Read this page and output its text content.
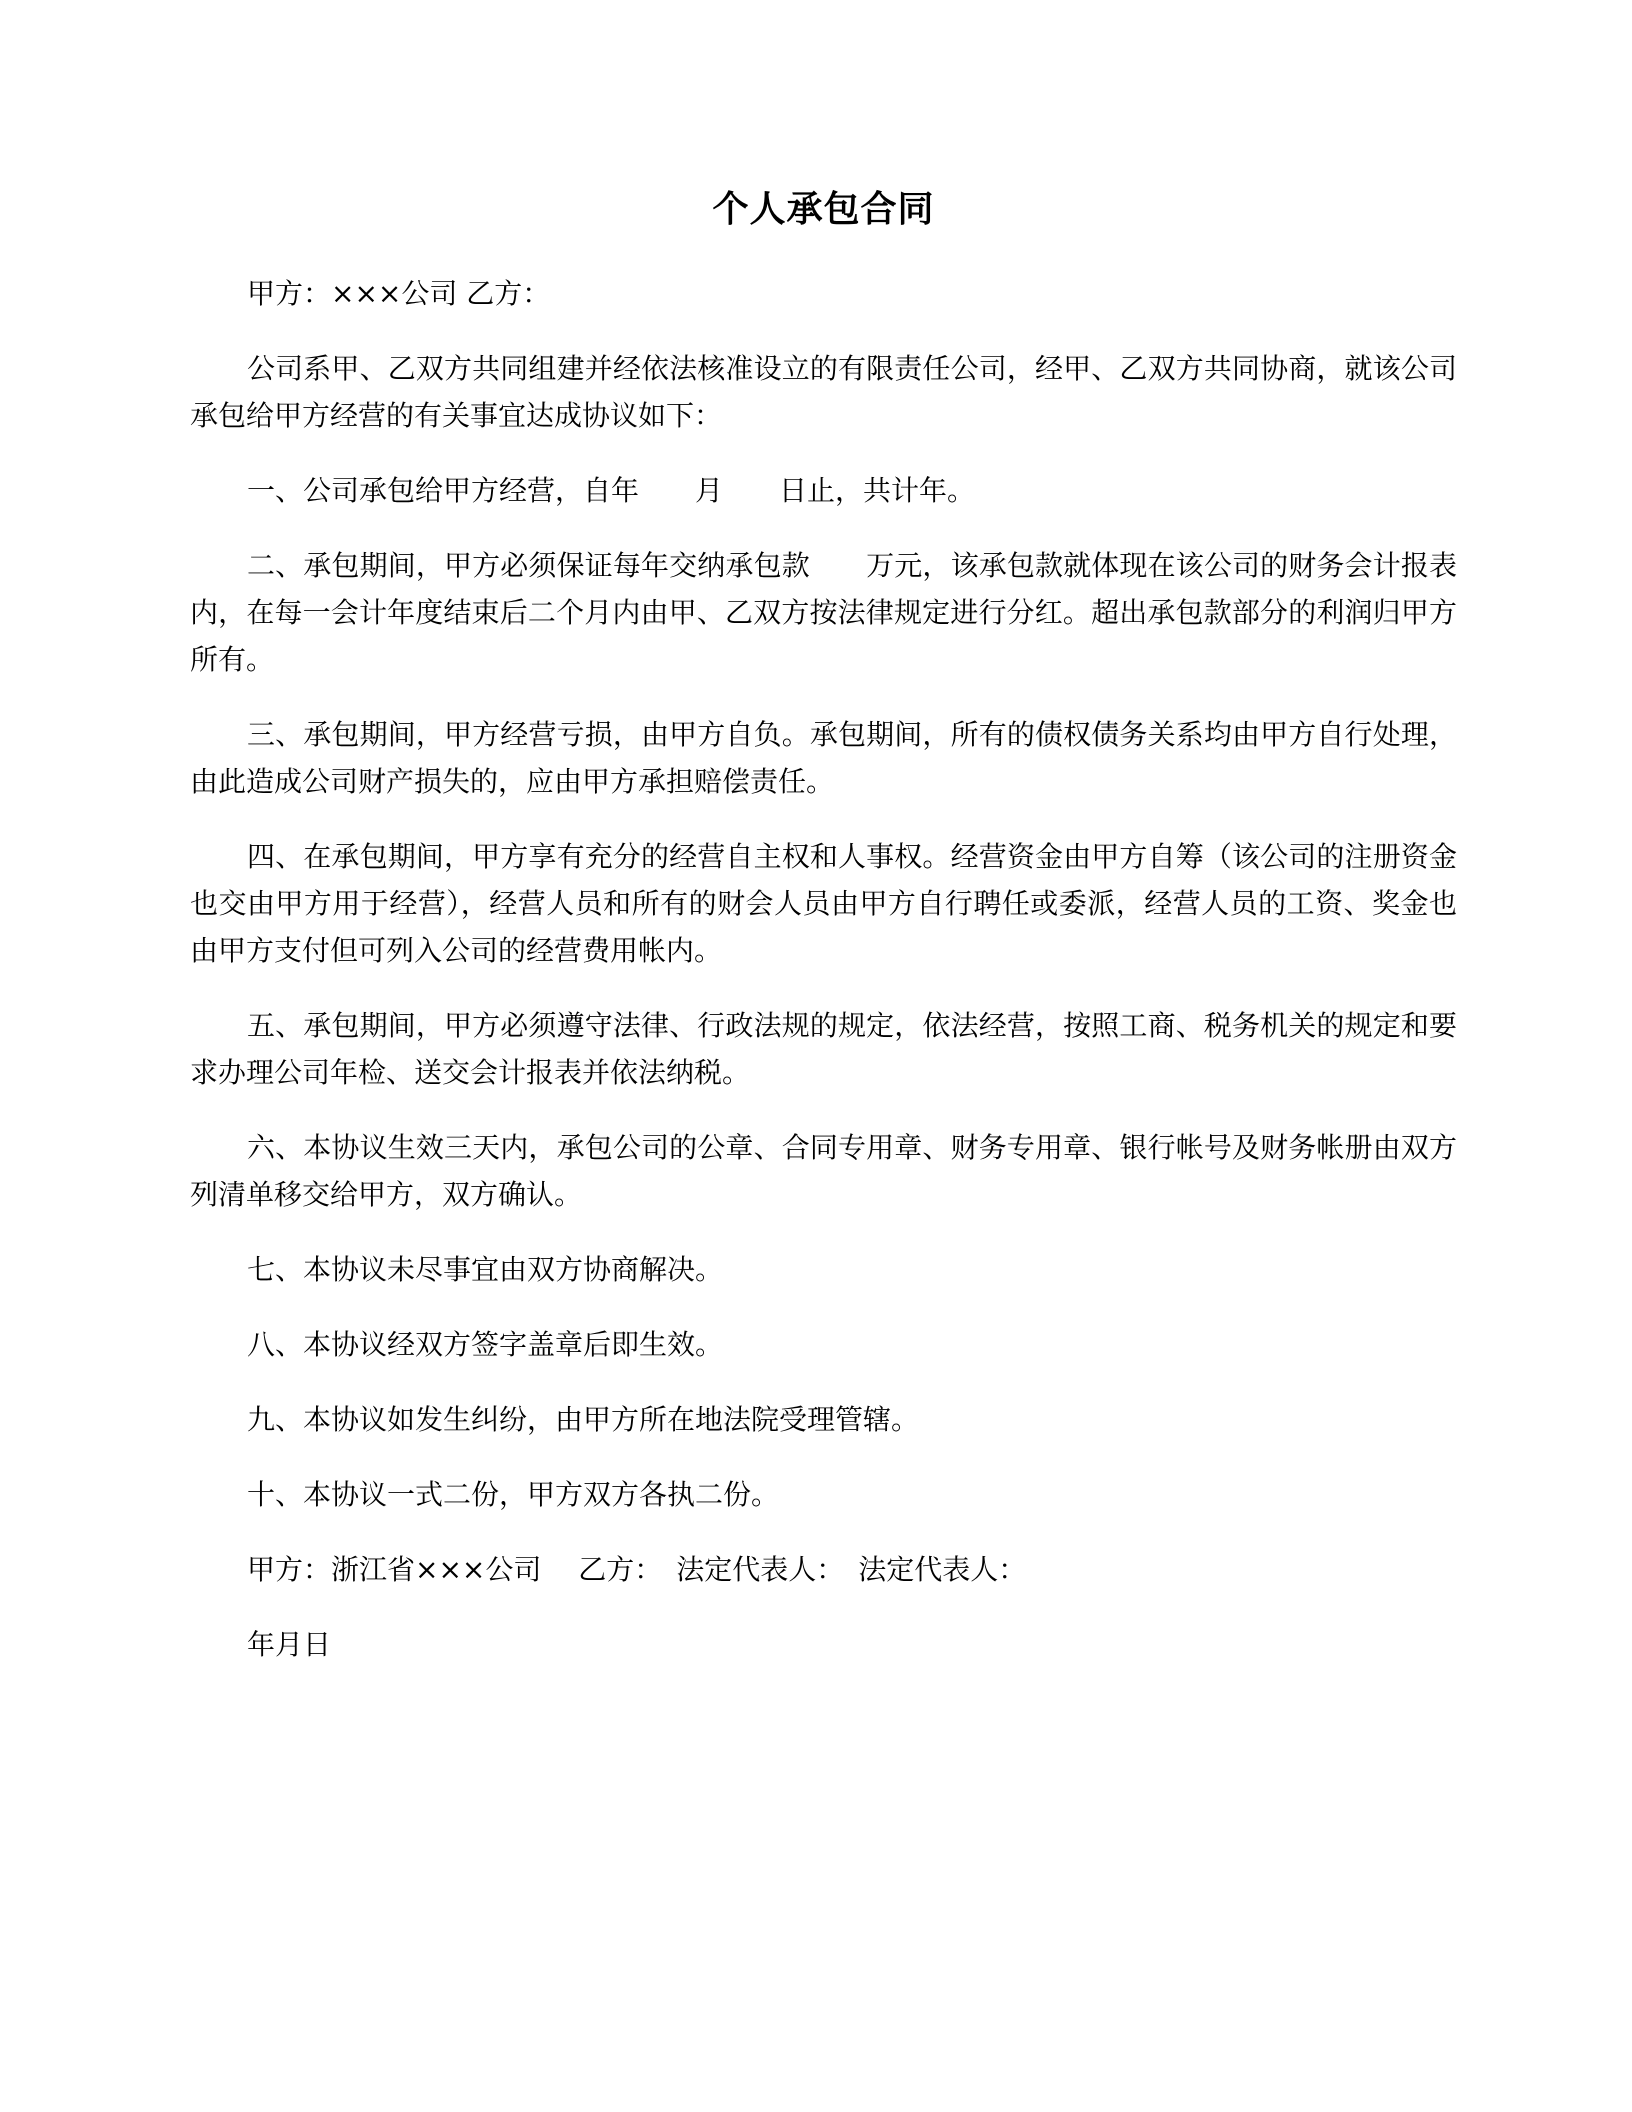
个人承包合同

甲方：×××公司 乙方：

公司系甲、乙双方共同组建并经依法核准设立的有限责任公司，经甲、乙双方共同协商，就该公司承包给甲方经营的有关事宜达成协议如下：

一、公司承包给甲方经营，自年　　月　　日止，共计年。

二、承包期间，甲方必须保证每年交纳承包款　　万元，该承包款就体现在该公司的财务会计报表内，在每一会计年度结束后二个月内由甲、乙双方按法律规定进行分红。超出承包款部分的利润归甲方所有。

三、承包期间，甲方经营亏损，由甲方自负。承包期间，所有的债权债务关系均由甲方自行处理，由此造成公司财产损失的，应由甲方承担赔偿责任。

四、在承包期间，甲方享有充分的经营自主权和人事权。经营资金由甲方自筹（该公司的注册资金也交由甲方用于经营），经营人员和所有的财会人员由甲方自行聘任或委派，经营人员的工资、奖金也由甲方支付但可列入公司的经营费用帐内。

五、承包期间，甲方必须遵守法律、行政法规的规定，依法经营，按照工商、税务机关的规定和要求办理公司年检、送交会计报表并依法纳税。

六、本协议生效三天内，承包公司的公章、合同专用章、财务专用章、银行帐号及财务帐册由双方列清单移交给甲方，双方确认。

七、本协议未尽事宜由双方协商解决。

八、本协议经双方签字盖章后即生效。

九、本协议如发生纠纷，由甲方所在地法院受理管辖。

十、本协议一式二份，甲方双方各执二份。

甲方：浙江省×××公司　 乙方：　法定代表人：　法定代表人：

年月日
